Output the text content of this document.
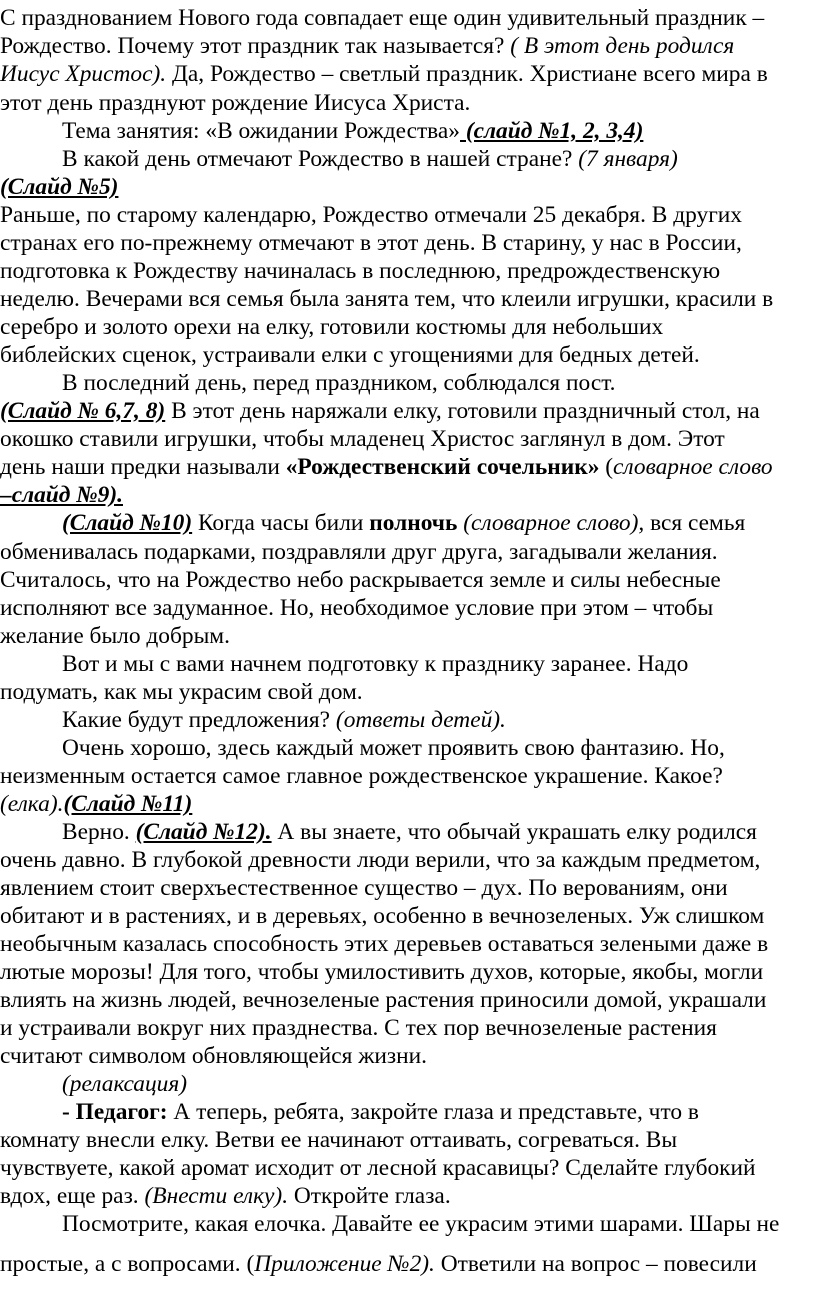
С празднованием Нового года совпадает еще один удивительный праздник –
Рождество. Почему этот праздник так называется? ( В этот день родился
Иисус Христос). Да, Рождество – светлый праздник. Христиане всего мира в
этот день празднуют рождение Иисуса Христа.
Тема занятия: «В ожидании Рождества» (слайд №1, 2, 3,4)
В какой день отмечают Рождество в нашей стране? (7 января)
(Слайд №5)
Раньше, по старому календарю, Рождество отмечали 25 декабря. В других
странах его по-прежнему отмечают в этот день. В старину, у нас в России,
подготовка к Рождеству начиналась в последнюю, предрождественскую
неделю. Вечерами вся семья была занята тем, что клеили игрушки, красили в
серебро и золото орехи на елку, готовили костюмы для небольших
библейских сценок, устраивали елки с угощениями для бедных детей.
В последний день, перед праздником, соблюдался пост.
(Слайд № 6,7, 8) В этот день наряжали елку, готовили праздничный стол, на
окошко ставили игрушки, чтобы младенец Христос заглянул в дом. Этот
день наши предки называли «Рождественский сочельник» (словарное слово
–слайд №9).
(Слайд №10) Когда часы били полночь (словарное слово), вся семья
обменивалась подарками, поздравляли друг друга, загадывали желания.
Считалось, что на Рождество небо раскрывается земле и силы небесные
исполняют все задуманное. Но, необходимое условие при этом – чтобы
желание было добрым.
Вот и мы с вами начнем подготовку к празднику заранее. Надо
подумать, как мы украсим свой дом.
Какие будут предложения? (ответы детей).
Очень хорошо, здесь каждый может проявить свою фантазию. Но,
неизменным остается самое главное рождественское украшение. Какое?
(елка).(Слайд №11)
Верно. (Слайд №12). А вы знаете, что обычай украшать елку родился
очень давно. В глубокой древности люди верили, что за каждым предметом,
явлением стоит сверхъестественное существо – дух. По верованиям, они
обитают и в растениях, и в деревьях, особенно в вечнозеленых. Уж слишком
необычным казалась способность этих деревьев оставаться зелеными даже в
лютые морозы! Для того, чтобы умилостивить духов, которые, якобы, могли
влиять на жизнь людей, вечнозеленые растения приносили домой, украшали
и устраивали вокруг них празднества. С тех пор вечнозеленые растения
считают символом обновляющейся жизни.
(релаксация)
- Педагог: А теперь, ребята, закройте глаза и представьте, что в
комнату внесли елку. Ветви ее начинают оттаивать, согреваться. Вы
чувствуете, какой аромат исходит от лесной красавицы? Сделайте глубокий
вдох, еще раз. (Внести елку). Откройте глаза.
Посмотрите, какая елочка. Давайте ее украсим этими шарами. Шары не
простые, а с вопросами. (Приложение №2). Ответили на вопрос – повесили
